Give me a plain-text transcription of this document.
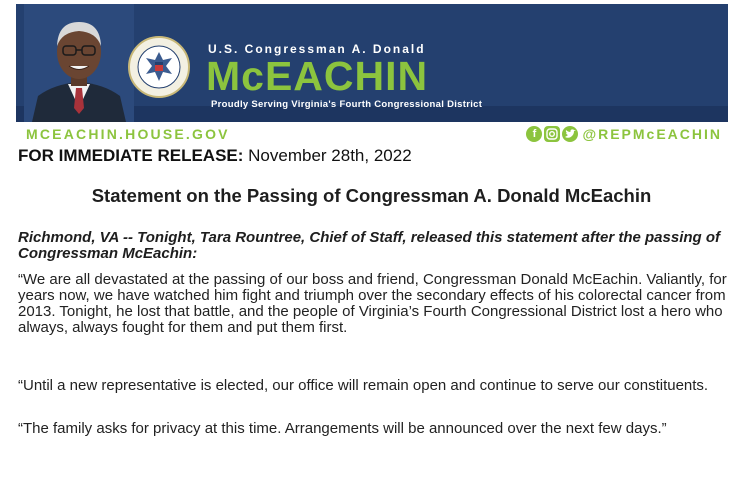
U.S. Congressman A. Donald
McEACHIN
Proudly Serving Virginia's Fourth Congressional District
MCEACHIN.HOUSE.GOV	f	@REPMcEACHIN
FOR IMMEDIATE RELEASE: November 28th, 2022
Statement on the Passing of Congressman A. Donald McEachin
Richmond, VA -- Tonight, Tara Rountree, Chief of Staff, released this statement after the passing of Congressman McEachin:
“We are all devastated at the passing of our boss and friend, Congressman Donald McEachin. Valiantly, for years now, we have watched him fight and triumph over the secondary effects of his colorectal cancer from 2013. Tonight, he lost that battle, and the people of Virginia’s Fourth Congressional District lost a hero who always, always fought for them and put them first.
“Until a new representative is elected, our office will remain open and continue to serve our constituents.
“The family asks for privacy at this time. Arrangements will be announced over the next few days.”
